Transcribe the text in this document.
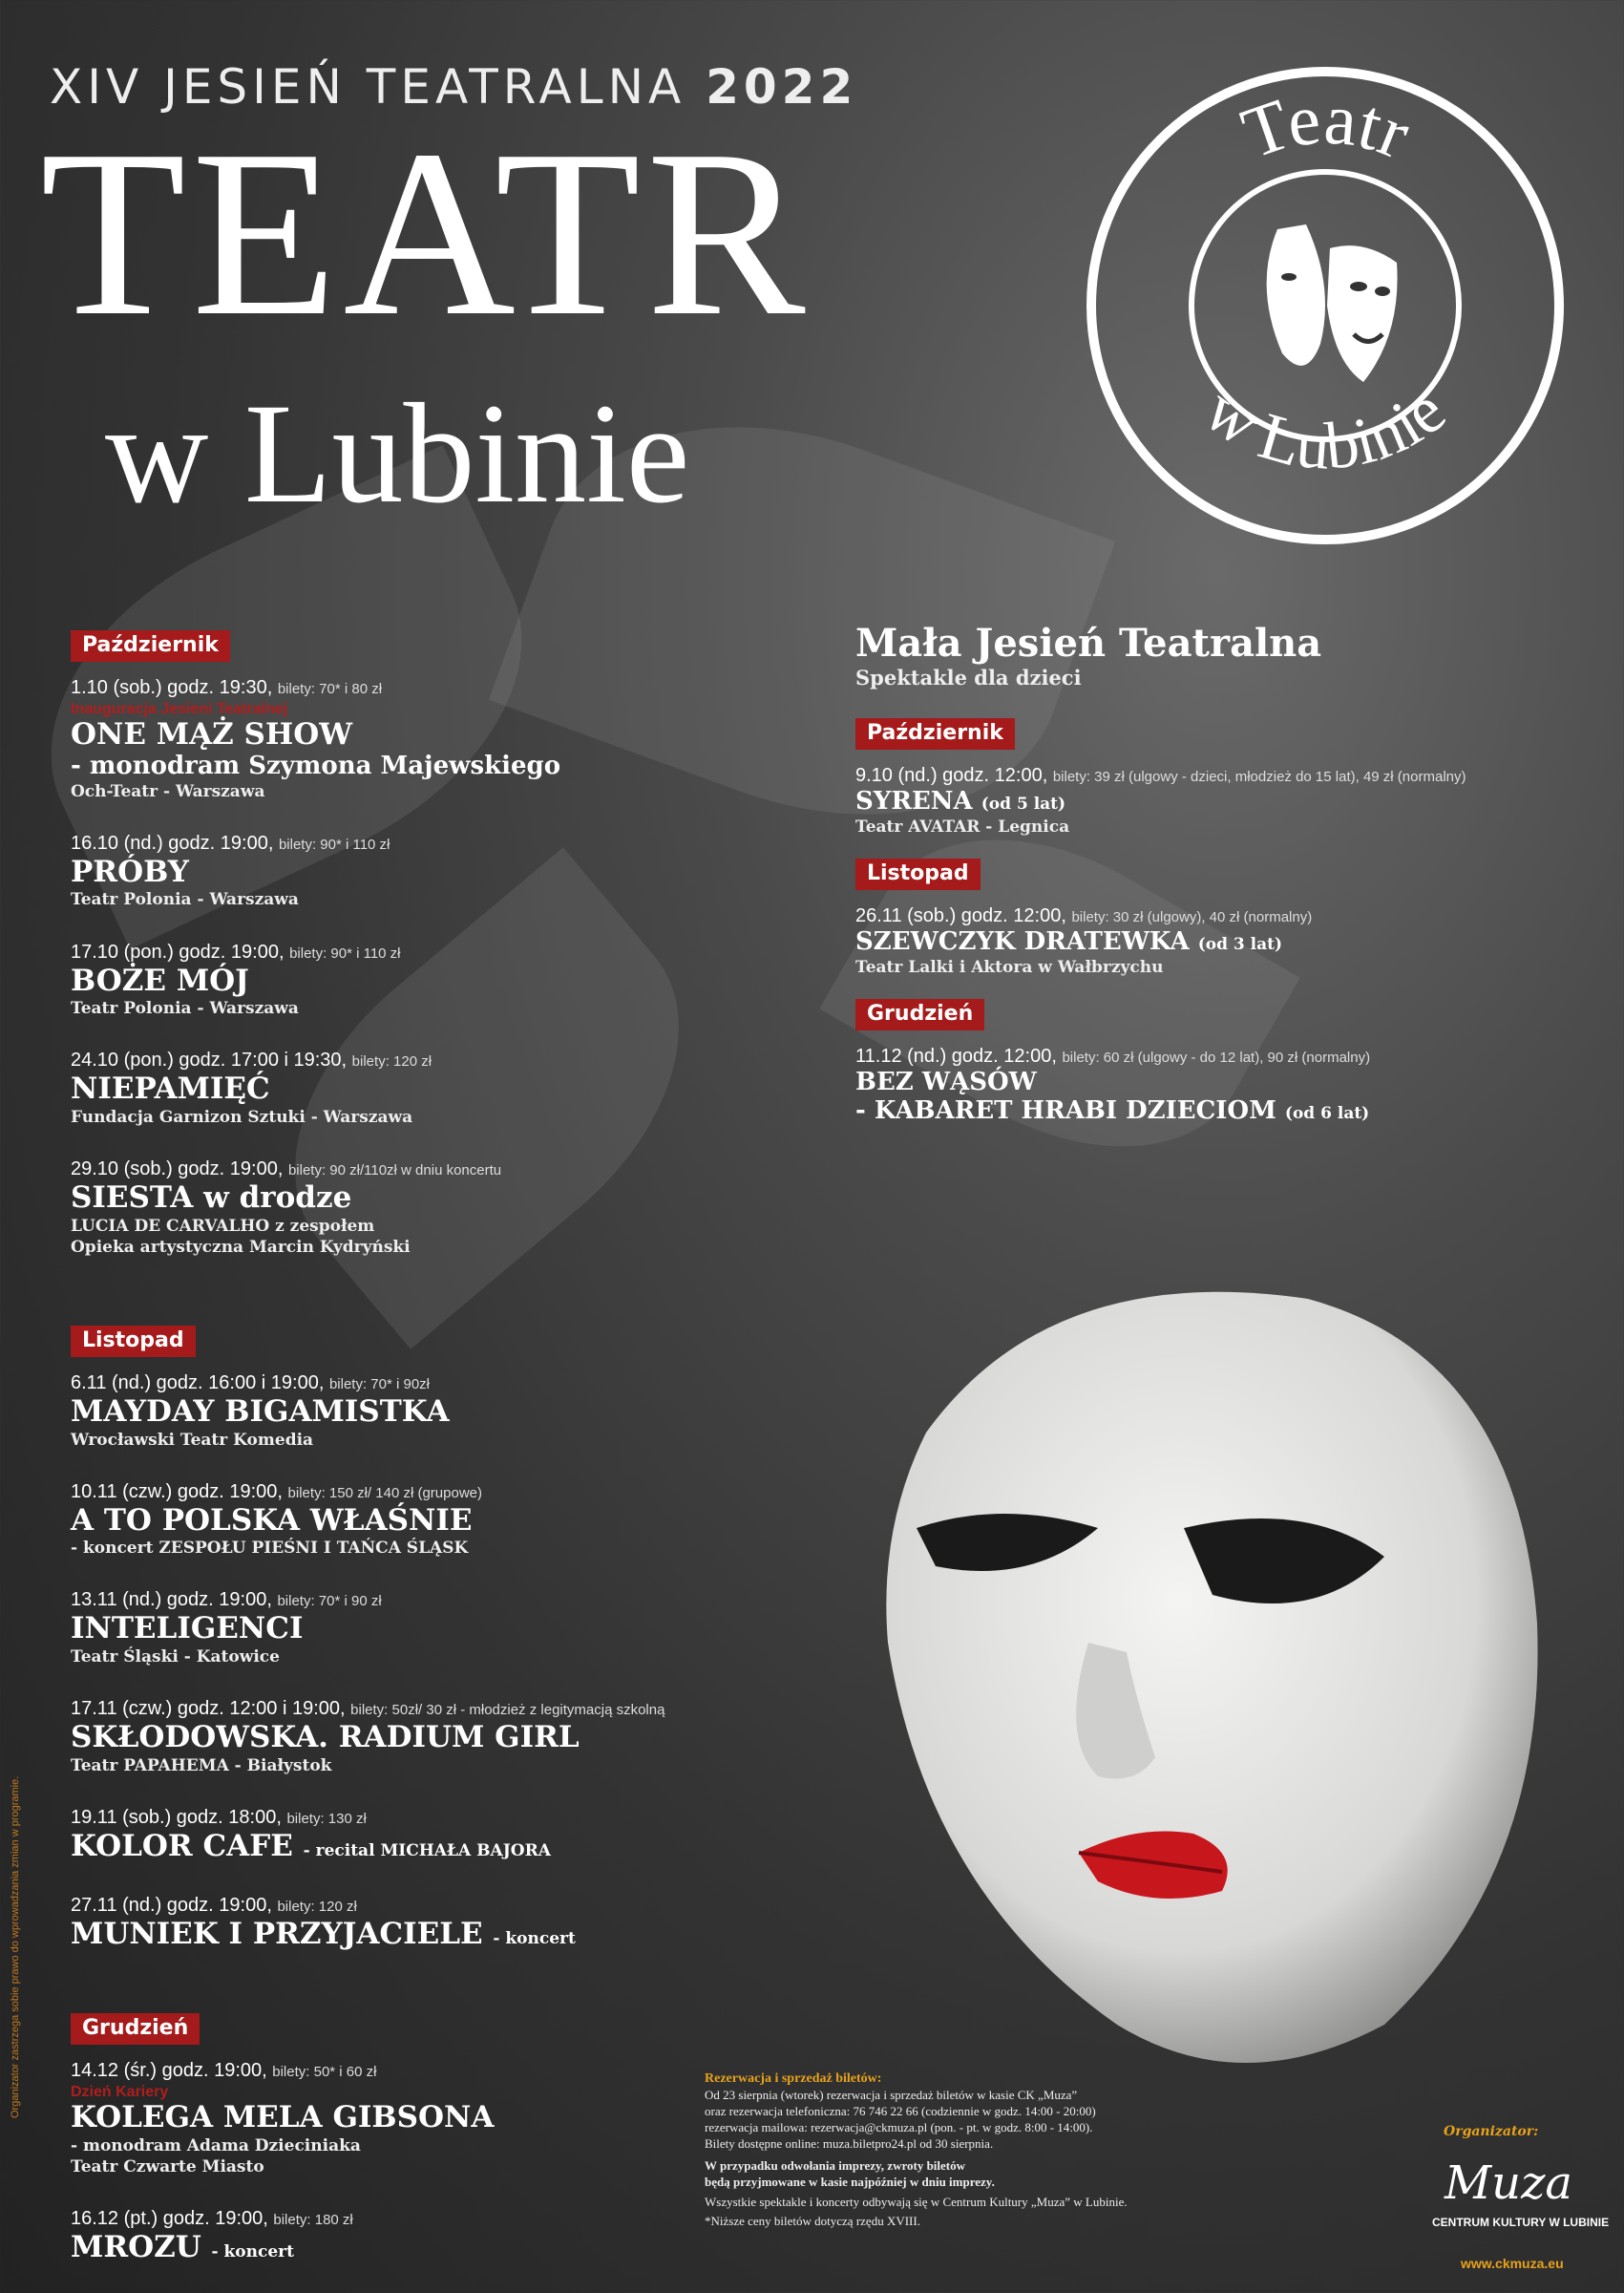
XIV JESIEŃ TEATRALNA 2022
TEATR
w Lubinie
Teatr
w Lubinie
Październik
1.10 (sob.) godz. 19:30, bilety: 70* i 80 zł
Inauguracja Jesieni Teatralnej
ONE MĄŻ SHOW
- monodram Szymona Majewskiego
Och-Teatr - Warszawa
16.10 (nd.) godz. 19:00, bilety: 90* i 110 zł
PRÓBY
Teatr Polonia - Warszawa
17.10 (pon.) godz. 19:00, bilety: 90* i 110 zł
BOŻE MÓJ
Teatr Polonia - Warszawa
24.10 (pon.) godz. 17:00 i 19:30, bilety: 120 zł
NIEPAMIĘĆ
Fundacja Garnizon Sztuki - Warszawa
29.10 (sob.) godz. 19:00, bilety: 90 zł/110zł w dniu koncertu
SIESTA w drodze
LUCIA DE CARVALHO z zespołem
Opieka artystyczna Marcin Kydryński
Listopad
6.11 (nd.) godz. 16:00 i 19:00, bilety: 70* i 90zł
MAYDAY BIGAMISTKA
Wrocławski Teatr Komedia
10.11 (czw.) godz. 19:00, bilety: 150 zł/ 140 zł (grupowe)
A TO POLSKA WŁAŚNIE
- koncert ZESPOŁU PIEŚNI I TAŃCA ŚLĄSK
13.11 (nd.) godz. 19:00, bilety: 70* i 90 zł
INTELIGENCI
Teatr Śląski - Katowice
17.11 (czw.) godz. 12:00 i 19:00, bilety: 50zł/ 30 zł - młodzież z legitymacją szkolną
SKŁODOWSKA. RADIUM GIRL
Teatr PAPAHEMA - Białystok
19.11 (sob.) godz. 18:00, bilety: 130 zł
KOLOR CAFE - recital MICHAŁA BAJORA
27.11 (nd.) godz. 19:00, bilety: 120 zł
MUNIEK I PRZYJACIELE - koncert
Grudzień
14.12 (śr.) godz. 19:00, bilety: 50* i 60 zł
Dzień Kariery
KOLEGA MELA GIBSONA
- monodram Adama Dzieciniaka
Teatr Czwarte Miasto
16.12 (pt.) godz. 19:00, bilety: 180 zł
MROZU - koncert
Mała Jesień Teatralna
Spektakle dla dzieci
Październik
9.10 (nd.) godz. 12:00, bilety: 39 zł (ulgowy - dzieci, młodzież do 15 lat), 49 zł (normalny)
SYRENA (od 5 lat)
Teatr AVATAR - Legnica
Listopad
26.11 (sob.) godz. 12:00, bilety: 30 zł (ulgowy), 40 zł (normalny)
SZEWCZYK DRATEWKA (od 3 lat)
Teatr Lalki i Aktora w Wałbrzychu
Grudzień
11.12 (nd.) godz. 12:00, bilety: 60 zł (ulgowy - do 12 lat), 90 zł (normalny)
BEZ WĄSÓW
- KABARET HRABI DZIECIOM (od 6 lat)
Rezerwacja i sprzedaż biletów:
Od 23 sierpnia (wtorek) rezerwacja i sprzedaż biletów w kasie CK „Muza”
oraz rezerwacja telefoniczna: 76 746 22 66 (codziennie w godz. 14:00 - 20:00)
rezerwacja mailowa: rezerwacja@ckmuza.pl (pon. - pt. w godz. 8:00 - 14:00).
Bilety dostępne online: muza.biletpro24.pl od 30 sierpnia.
W przypadku odwołania imprezy, zwroty biletów
będą przyjmowane w kasie najpóźniej w dniu imprezy.

Wszystkie spektakle i koncerty odbywają się w Centrum Kultury „Muza” w Lubinie.

*Niższe ceny biletów dotyczą rzędu XVIII.

Organizator:
Muza
CENTRUM KULTURY W LUBINIE
www.ckmuza.eu
Organizator zastrzega sobie prawo do wprowadzania zmian w programie.
